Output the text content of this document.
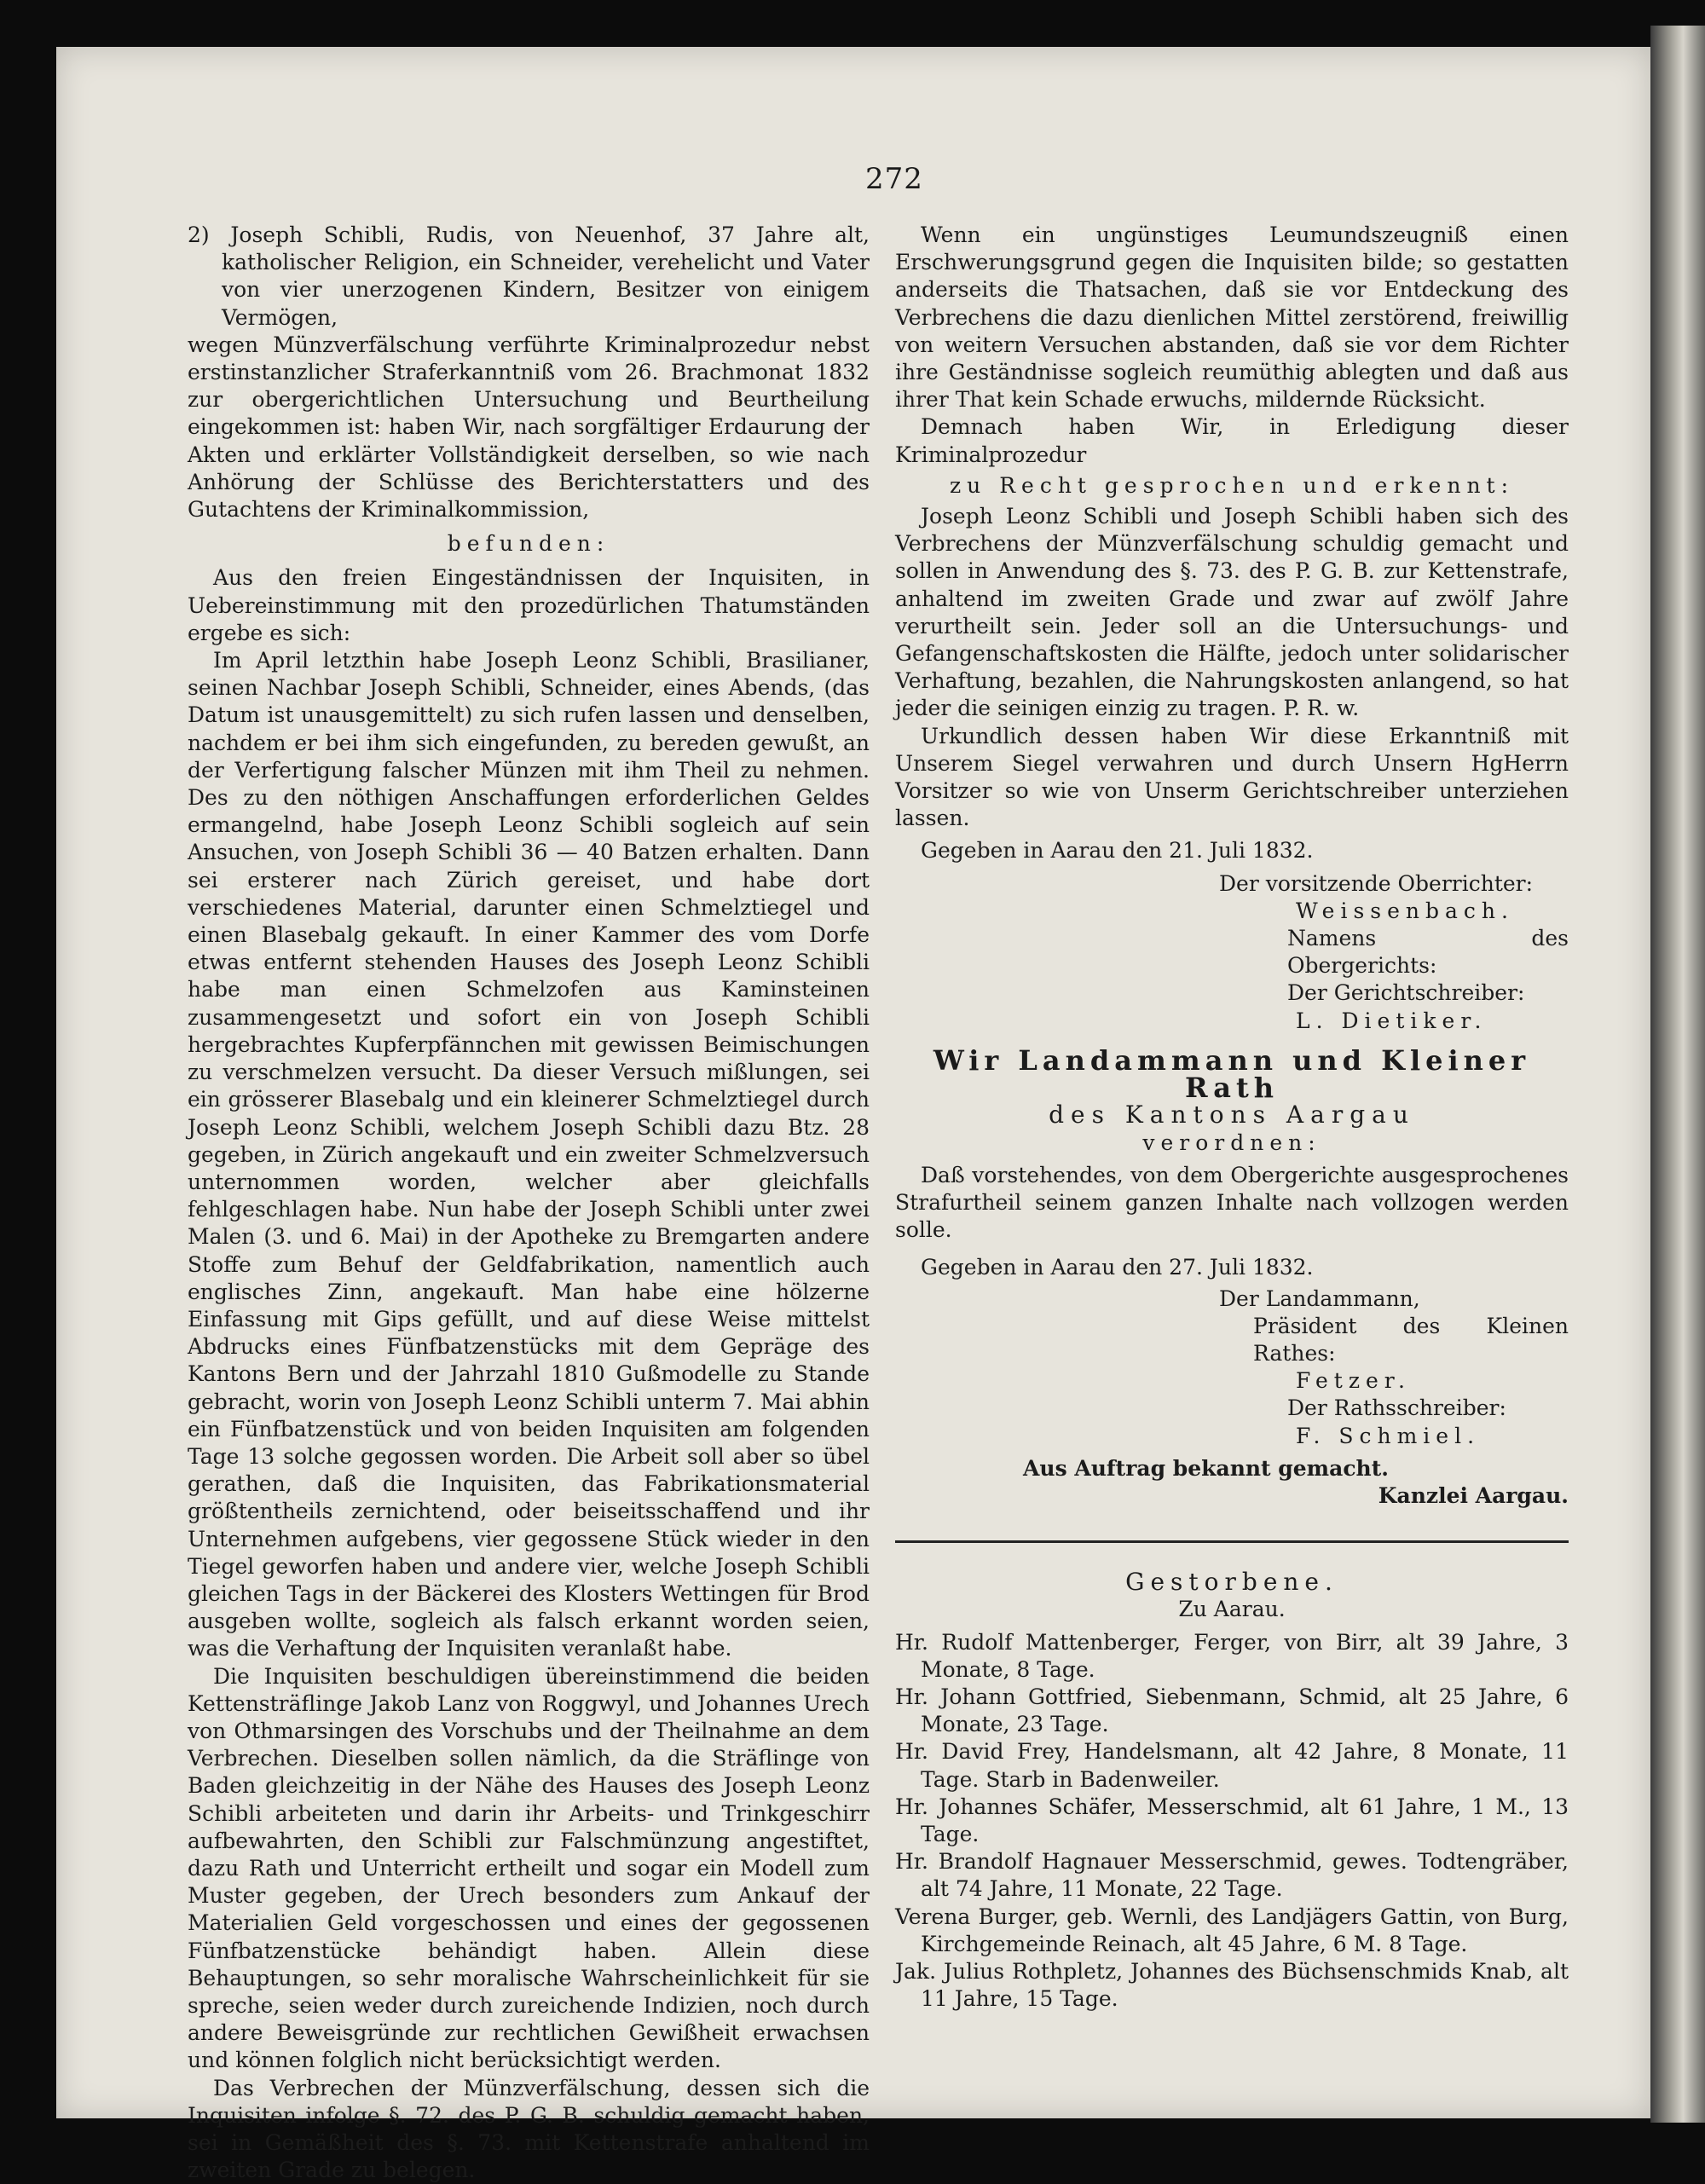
272

2) Joseph Schibli, Rudis, von Neuenhof, 37 Jahre alt, katholischer Religion, ein Schneider, verehelicht und Vater von vier unerzogenen Kindern, Besitzer von einigem Vermögen,

wegen Münzverfälschung verführte Kriminalprozedur nebst erstinstanzlicher Straferkanntniß vom 26. Brachmonat 1832 zur obergerichtlichen Untersuchung und Beurtheilung eingekommen ist: haben Wir, nach sorgfältiger Erdaurung der Akten und erklärter Vollständigkeit derselben, so wie nach Anhörung der Schlüsse des Berichterstatters und des Gutachtens der Kriminalkommission,

befunden:

Aus den freien Eingeständnissen der Inquisiten, in Uebereinstimmung mit den prozedürlichen Thatumständen ergebe es sich:

Im April letzthin habe Joseph Leonz Schibli, Brasilianer, seinen Nachbar Joseph Schibli, Schneider, eines Abends, (das Datum ist unausgemittelt) zu sich rufen lassen und denselben, nachdem er bei ihm sich eingefunden, zu bereden gewußt, an der Verfertigung falscher Münzen mit ihm Theil zu nehmen. Des zu den nöthigen Anschaffungen erforderlichen Geldes ermangelnd, habe Joseph Leonz Schibli sogleich auf sein Ansuchen, von Joseph Schibli 36 — 40 Batzen erhalten. Dann sei ersterer nach Zürich gereiset, und habe dort verschiedenes Material, darunter einen Schmelztiegel und einen Blasebalg gekauft. In einer Kammer des vom Dorfe etwas entfernt stehenden Hauses des Joseph Leonz Schibli habe man einen Schmelzofen aus Kaminsteinen zusammengesetzt und sofort ein von Joseph Schibli hergebrachtes Kupferpfännchen mit gewissen Beimischungen zu verschmelzen versucht. Da dieser Versuch mißlungen, sei ein grösserer Blasebalg und ein kleinerer Schmelztiegel durch Joseph Leonz Schibli, welchem Joseph Schibli dazu Btz. 28 gegeben, in Zürich angekauft und ein zweiter Schmelzversuch unternommen worden, welcher aber gleichfalls fehlgeschlagen habe. Nun habe der Joseph Schibli unter zwei Malen (3. und 6. Mai) in der Apotheke zu Bremgarten andere Stoffe zum Behuf der Geldfabrikation, namentlich auch englisches Zinn, angekauft. Man habe eine hölzerne Einfassung mit Gips gefüllt, und auf diese Weise mittelst Abdrucks eines Fünfbatzenstücks mit dem Gepräge des Kantons Bern und der Jahrzahl 1810 Gußmodelle zu Stande gebracht, worin von Joseph Leonz Schibli unterm 7. Mai abhin ein Fünfbatzenstück und von beiden Inquisiten am folgenden Tage 13 solche gegossen worden. Die Arbeit soll aber so übel gerathen, daß die Inquisiten, das Fabrikationsmaterial größtentheils zernichtend, oder beiseitsschaffend und ihr Unternehmen aufgebens, vier gegossene Stück wieder in den Tiegel geworfen haben und andere vier, welche Joseph Schibli gleichen Tags in der Bäckerei des Klosters Wettingen für Brod ausgeben wollte, sogleich als falsch erkannt worden seien, was die Verhaftung der Inquisiten veranlaßt habe.

Die Inquisiten beschuldigen übereinstimmend die beiden Kettensträflinge Jakob Lanz von Roggwyl, und Johannes Urech von Othmarsingen des Vorschubs und der Theilnahme an dem Verbrechen. Dieselben sollen nämlich, da die Sträflinge von Baden gleichzeitig in der Nähe des Hauses des Joseph Leonz Schibli arbeiteten und darin ihr Arbeits- und Trinkgeschirr aufbewahrten, den Schibli zur Falschmünzung angestiftet, dazu Rath und Unterricht ertheilt und sogar ein Modell zum Muster gegeben, der Urech besonders zum Ankauf der Materialien Geld vorgeschossen und eines der gegossenen Fünfbatzenstücke behändigt haben. Allein diese Behauptungen, so sehr moralische Wahrscheinlichkeit für sie spreche, seien weder durch zureichende Indizien, noch durch andere Beweisgründe zur rechtlichen Gewißheit erwachsen und können folglich nicht berücksichtigt werden.

Das Verbrechen der Münzverfälschung, dessen sich die Inquisiten infolge §. 72. des P. G. B. schuldig gemacht haben, sei in Gemäßheit des §. 73. mit Kettenstrafe anhaltend im zweiten Grade zu belegen.

Wenn ein ungünstiges Leumundszeugniß einen Erschwerungsgrund gegen die Inquisiten bilde; so gestatten anderseits die Thatsachen, daß sie vor Entdeckung des Verbrechens die dazu dienlichen Mittel zerstörend, freiwillig von weitern Versuchen abstanden, daß sie vor dem Richter ihre Geständnisse sogleich reumüthig ablegten und daß aus ihrer That kein Schade erwuchs, mildernde Rücksicht.

Demnach haben Wir, in Erledigung dieser Kriminalprozedur

zu Recht gesprochen und erkennt:

Joseph Leonz Schibli und Joseph Schibli haben sich des Verbrechens der Münzverfälschung schuldig gemacht und sollen in Anwendung des §. 73. des P. G. B. zur Kettenstrafe, anhaltend im zweiten Grade und zwar auf zwölf Jahre verurtheilt sein. Jeder soll an die Untersuchungs- und Gefangenschaftskosten die Hälfte, jedoch unter solidarischer Verhaftung, bezahlen, die Nahrungskosten anlangend, so hat jeder die seinigen einzig zu tragen. P. R. w.

Urkundlich dessen haben Wir diese Erkanntniß mit Unserem Siegel verwahren und durch Unsern HgHerrn Vorsitzer so wie von Unserm Gerichtschreiber unterziehen lassen.

Gegeben in Aarau den 21. Juli 1832.

Der vorsitzende Oberrichter:

Weissenbach.

Namens des Obergerichts:

Der Gerichtschreiber:

L. Dietiker.

Wir Landammann und Kleiner Rath

des Kantons Aargau

verordnen:

Daß vorstehendes, von dem Obergerichte ausgesprochenes Strafurtheil seinem ganzen Inhalte nach vollzogen werden solle.

Gegeben in Aarau den 27. Juli 1832.

Der Landammann,

Präsident des Kleinen Rathes:

Fetzer.

Der Rathsschreiber:

F. Schmiel.

Aus Auftrag bekannt gemacht.

Kanzlei Aargau.

Gestorbene.

Zu Aarau.

Hr. Rudolf Mattenberger, Ferger, von Birr, alt 39 Jahre, 3 Monate, 8 Tage.

Hr. Johann Gottfried, Siebenmann, Schmid, alt 25 Jahre, 6 Monate, 23 Tage.

Hr. David Frey, Handelsmann, alt 42 Jahre, 8 Monate, 11 Tage. Starb in Badenweiler.

Hr. Johannes Schäfer, Messerschmid, alt 61 Jahre, 1 M., 13 Tage.

Hr. Brandolf Hagnauer Messerschmid, gewes. Todtengräber, alt 74 Jahre, 11 Monate, 22 Tage.

Verena Burger, geb. Wernli, des Landjägers Gattin, von Burg, Kirchgemeinde Reinach, alt 45 Jahre, 6 M. 8 Tage.

Jak. Julius Rothpletz, Johannes des Büchsenschmids Knab, alt 11 Jahre, 15 Tage.
